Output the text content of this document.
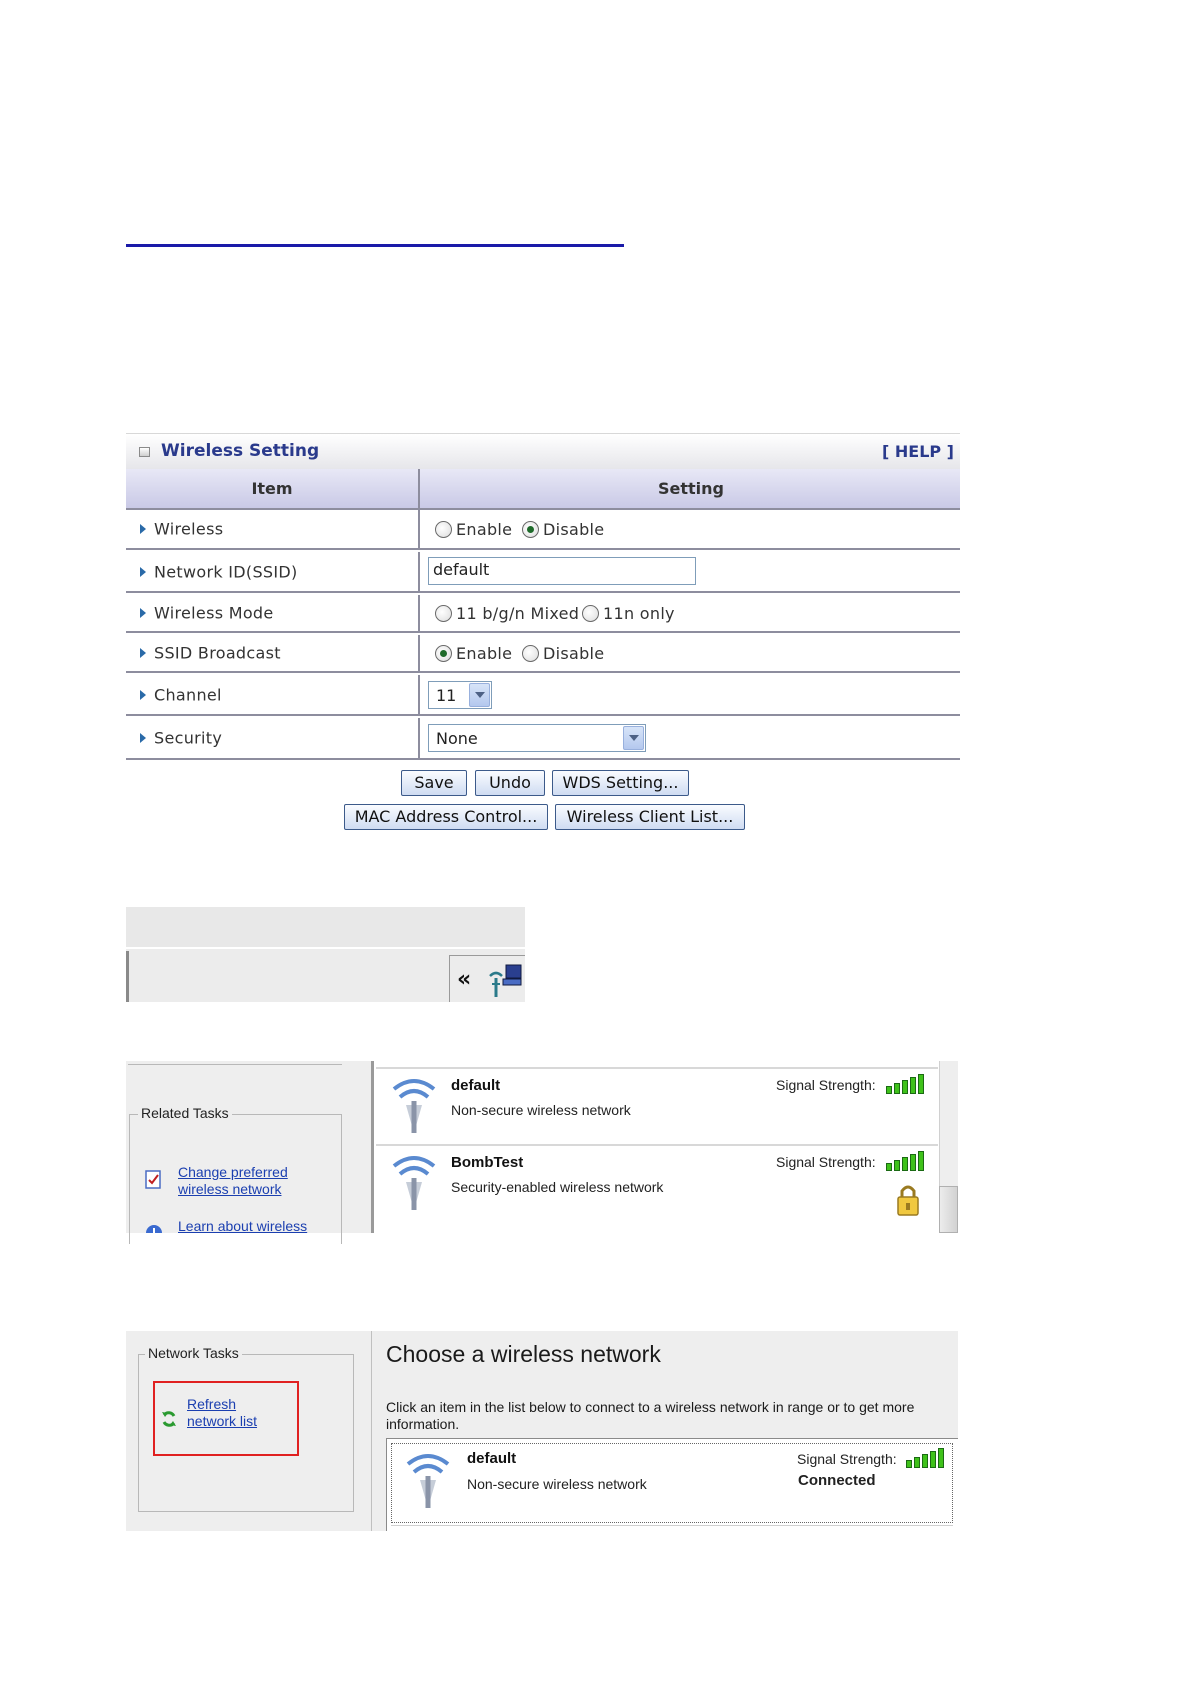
Wireless Setting	[ HELP ]
Item	Setting
Wireless	Enable Disable
Network ID(SSID)	default
Wireless Mode	11 b/g/n Mixed 11n only
SSID Broadcast	Enable Disable
Channel	11
Security	None
Save	Undo	WDS Setting...
MAC Address Control...	Wireless Client List...
«
Related Tasks
Change preferred
wireless network
Learn about wireless
default
Non-secure wireless network
Signal Strength:
BombTest
Security-enabled wireless network
Signal Strength:
Network Tasks
Refresh
network list
Choose a wireless network
Click an item in the list below to connect to a wireless network in range or to get more information.
default
Non-secure wireless network
Signal Strength:
Connected
